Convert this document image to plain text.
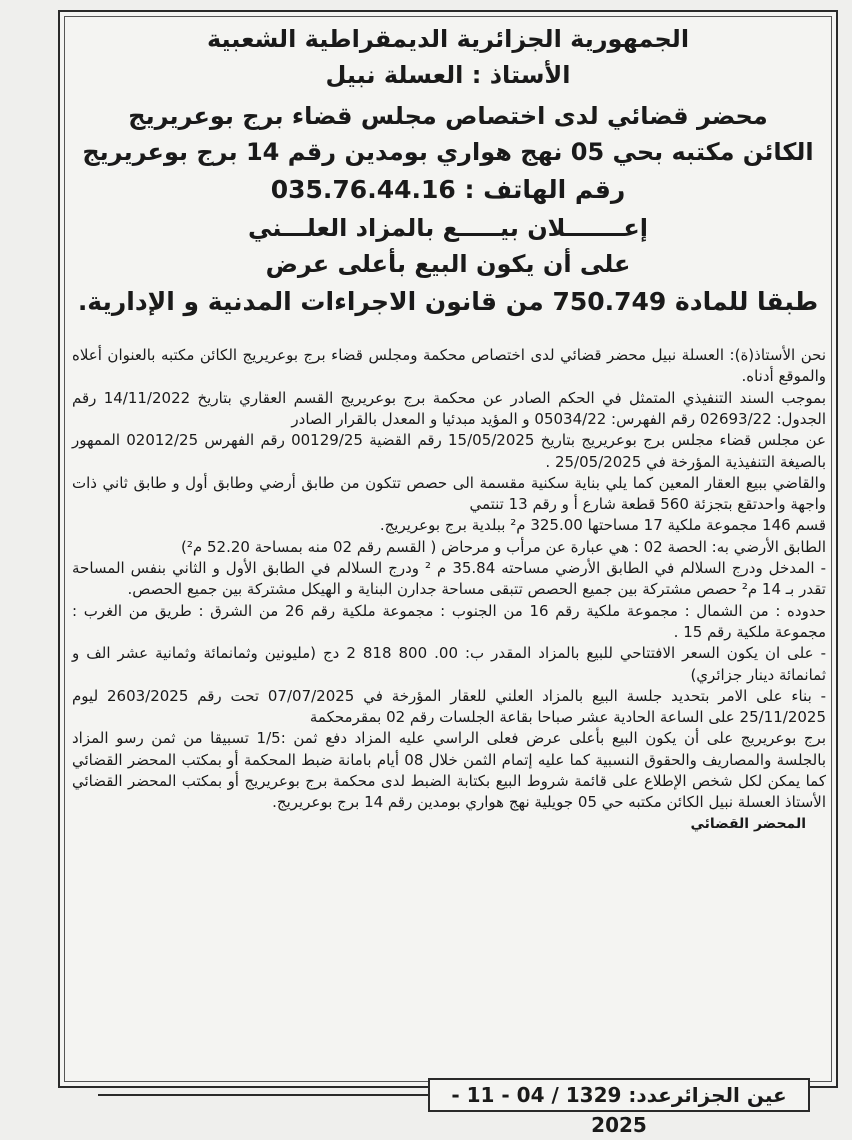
الجمهورية الجزائرية الديمقراطية الشعبية
الأستاذ : العسلة نبيل
محضر قضائي لدى اختصاص مجلس قضاء برج بوعريريج
الكائن مكتبه بحي 05 نهج هواري بومدين رقم 14 برج بوعريريج
رقم الهاتف : 035.76.44.16
إعـــــــلان بيـــــع بالمزاد العلـــني
على أن يكون البيع بأعلى عرض
طبقا للمادة 750.749 من قانون الاجراءات المدنية و الإدارية.

نحن الأستاذ(ة): العسلة نبيل محضر قضائي لدى اختصاص محكمة ومجلس قضاء برج بوعريريج الكائن مكتبه بالعنوان أعلاه والموقع أدناه.

بموجب السند التنفيذي المتمثل في الحكم الصادر عن محكمة برج بوعريريج القسم العقاري بتاريخ 14/11/2022 رقم الجدول: 02693/22 رقم الفهرس: 05034/22 و المؤيد مبدئيا و المعدل بالقرار الصادر

عن مجلس قضاء مجلس برج بوعريريج بتاريخ 15/05/2025 رقم القضية 00129/25 رقم الفهرس 02012/25 الممهور بالصيغة التنفيذية المؤرخة في 25/05/2025 .

والقاضي ببيع العقار المعين كما يلي بناية سكنية مقسمة الى حصص تتكون من طابق أرضي وطابق أول و طابق ثاني ذات واجهة واحدتقع بتجزئة 560 قطعة شارع أ و رقم 13 تنتمي

قسم 146 مجموعة ملكية 17 مساحتها 325.00 م² ببلدية برج بوعريريج.

الطابق الأرضي به: الحصة 02 : هي عبارة عن مرأب و مرحاض ( القسم رقم 02 منه بمساحة 52.20 م²)

- المدخل ودرج السلالم في الطابق الأرضي مساحته 35.84 م ² ودرج السلالم في الطابق الأول و الثاني بنفس المساحة تقدر بـ 14 م² حصص مشتركة بين جميع الحصص تتبقى مساحة جدارن البناية و الهيكل مشتركة بين جميع الحصص.

حدوده : من الشمال : مجموعة ملكية رقم 16 من الجنوب : مجموعة ملكية رقم 26 من الشرق : طريق من الغرب : مجموعة ملكية رقم 15 .

- على ان يكون السعر الافتتاحي للبيع بالمزاد المقدر ب: 00. 800 818 2 دج (مليونين وثمانمائة وثمانية عشر الف و ثمانمائة دينار جزائري)

- بناء على الامر بتحديد جلسة البيع بالمزاد العلني للعقار المؤرخة في 07/07/2025 تحت رقم 2603/2025 ليوم 25/11/2025 على الساعة الحادية عشر صباحا بقاعة الجلسات رقم 02 بمقرمحكمة

برج بوعريريج على أن يكون البيع بأعلى عرض فعلى الراسي عليه المزاد دفع ثمن :1/5 تسبيقا من ثمن رسو المزاد بالجلسة والمصاريف والحقوق النسبية كما عليه إتمام الثمن خلال 08 أيام بامانة ضبط المحكمة أو بمكتب المحضر القضائي كما يمكن لكل شخص الإطلاع على قائمة شروط البيع بكتابة الضبط لدى محكمة برج بوعريريج أو بمكتب المحضر القضائي الأستاذ العسلة نبيل الكائن مكتبه حي 05 جويلية نهج هواري بومدين رقم 14 برج بوعريريج.

المحضر القضائي
عين الجزائرعدد: 1329 / 04 - 11 - 2025
